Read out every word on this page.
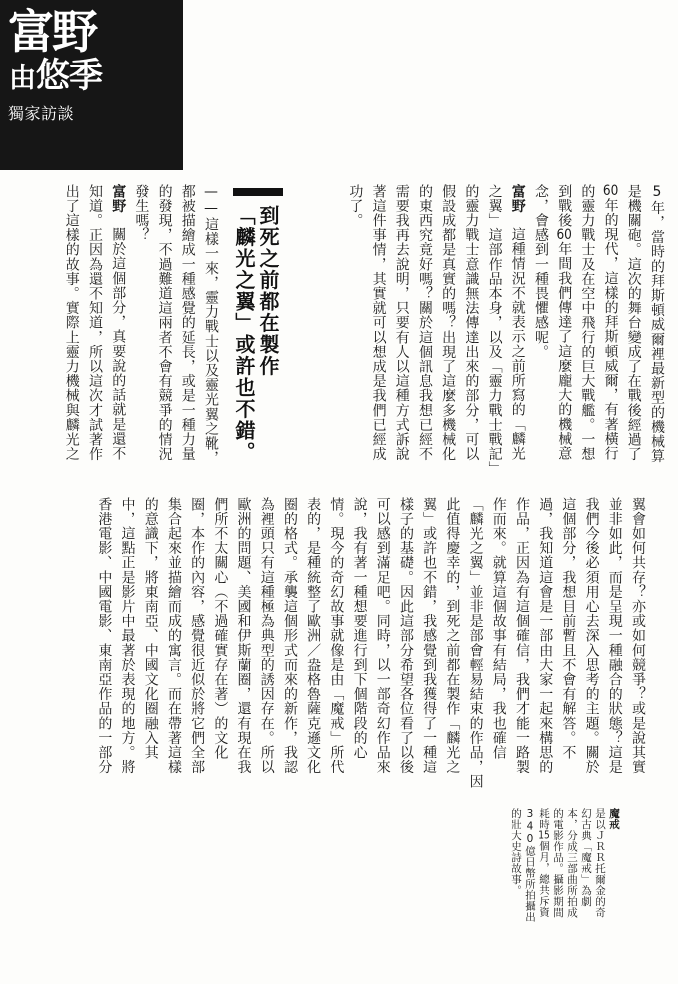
富野
由悠季
獨家訪談
5年，當時的拜斯頓威爾裡最新型的機械算
是機關砲。這次的舞台變成了在戰後經過了
60年的現代，這樣的拜斯頓威爾，有著橫行
的靈力戰士及在空中飛行的巨大戰艦。一想
到戰後60年間我們傳達了這麼龐大的機械意
念，會感到一種畏懼感呢。
富野這種情況不就表示之前所寫的「麟光
之翼」這部作品本身，以及「靈力戰士戰記」
的靈力戰士意識無法傳達出來的部分，可以
假設成都是真實的嗎？出現了這麼多機械化
的東西究竟好嗎？關於這個訊息我想已經不
需要我再去說明，只要有人以這種方式訴說
著這件事情，其實就可以想成是我們已經成
功了。
到死之前都在製作
「麟光之翼」或許也不錯。
——這樣一來，靈力戰士以及靈光翼之靴，
都被描繪成一種感覺的延長，或是一種力量
的發現，不過難道這兩者不會有競爭的情況
發生嗎？
富野關於這個部分，真要說的話就是還不
知道。正因為還不知道，所以這次才試著作
出了這樣的故事。實際上靈力機械與麟光之
翼會如何共存？亦或如何競爭？或是說其實
並非如此，而是呈現一種融合的狀態？這是
我們今後必須用心去深入思考的主題。關於
這個部分，我想目前暫且不會有解答。不
過，我知道這會是一部由大家一起來構思的
作品，正因為有這個確信，我們才能一路製
作而來。就算這個故事有結局，我也確信
「麟光之翼」並非是部會輕易結束的作品，因
此值得慶幸的，到死之前都在製作「麟光之
翼」或許也不錯，我感覺到我獲得了一種這
樣子的基礎。因此這部分希望各位看了以後
可以感到滿足吧。同時，以一部奇幻作品來
說，我有著一種想要進行到下個階段的心
情。現今的奇幻故事就像是由「魔戒」所代
表的，是種統整了歐洲／盎格魯薩克遜文化
圈的格式。承襲這個形式而來的新作，我認
為裡頭只有這種極為典型的誘因存在。所以
歐洲的問題、美國和伊斯蘭圈，還有現在我
們所不太關心（不過確實存在著）的文化
圈，本作的內容，感覺很近似於將它們全部
集合起來並描繪而成的寓言。而在帶著這樣
的意識下，將東南亞、中國文化圈融入其
中，這點正是影片中最著於表現的地方。將
香港電影、中國電影、東南亞作品的一部分
魔戒
是以ＪＲＲ托爾金的奇
幻古典「魔戒」為劇
本，分成三部曲所拍成
的電影作品。攝影期間
耗時15個月，總共斥資
340億日幣所拍攝出
的壯大史詩故事。
